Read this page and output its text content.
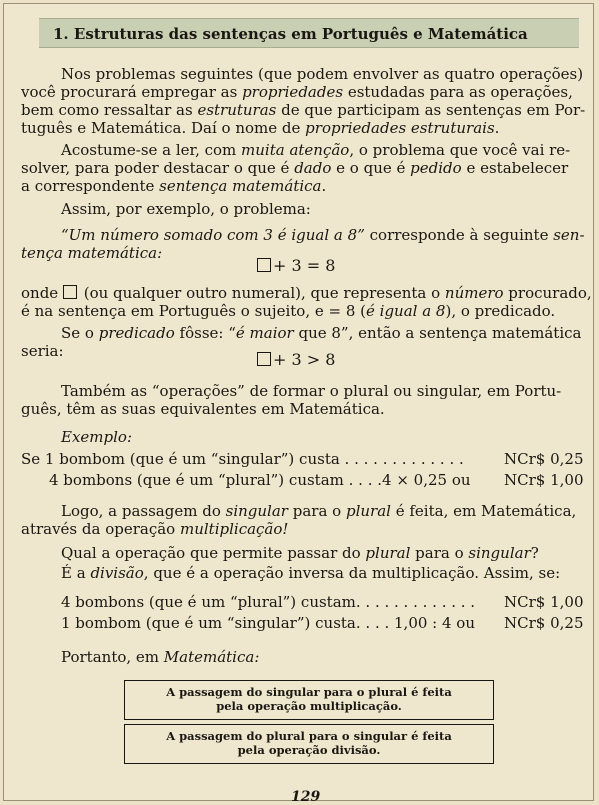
1. Estruturas das sentenças em Português e Matemática
Nos problemas seguintes (que podem envolver as quatro operações)
você procurará empregar as propriedades estudadas para as operações,
bem como ressaltar as estruturas de que participam as sentenças em Por-
tuguês e Matemática. Daí o nome de propriedades estruturais.
Acostume-se a ler, com muita atenção, o problema que você vai re-
solver, para poder destacar o que é dado e o que é pedido e estabelecer
a correspondente sentença matemática.
Assim, por exemplo, o problema:
“Um número somado com 3 é igual a 8” corresponde à seguinte sen-
tença matemática:
+ 3 = 8
onde  (ou qualquer outro numeral), que representa o número procurado,
é na sentença em Português o sujeito, e = 8 (é igual a 8), o predicado.
Se o predicado fôsse: “é maior que 8”, então a sentença matemática
seria:	+ 3 > 8
Também as “operações” de formar o plural ou singular, em Portu-
guês, têm as suas equivalentes em Matemática.
Exemplo:
Se 1 bombom (que é um “singular”) custa . . . . . . . . . . . . .	NCr$ 0,25
4 bombons (que é um “plural”) custam . . . .4 × 0,25 ou NCr$ 1,00
Logo, a passagem do singular para o plural é feita, em Matemática,
através da operação multiplicação!
Qual a operação que permite passar do plural para o singular?
É a divisão, que é a operação inversa da multiplicação. Assim, se:
4 bombons (que é um “plural”) custam. . . . . . . . . . . . . NCr$ 1,00
1 bombom (que é um “singular”) custa. . . . 1,00 : 4 ou NCr$ 0,25
Portanto, em Matemática:
A passagem do singular para o plural é feita
pela operação multiplicação.
A passagem do plural para o singular é feita
pela operação divisão.
129
